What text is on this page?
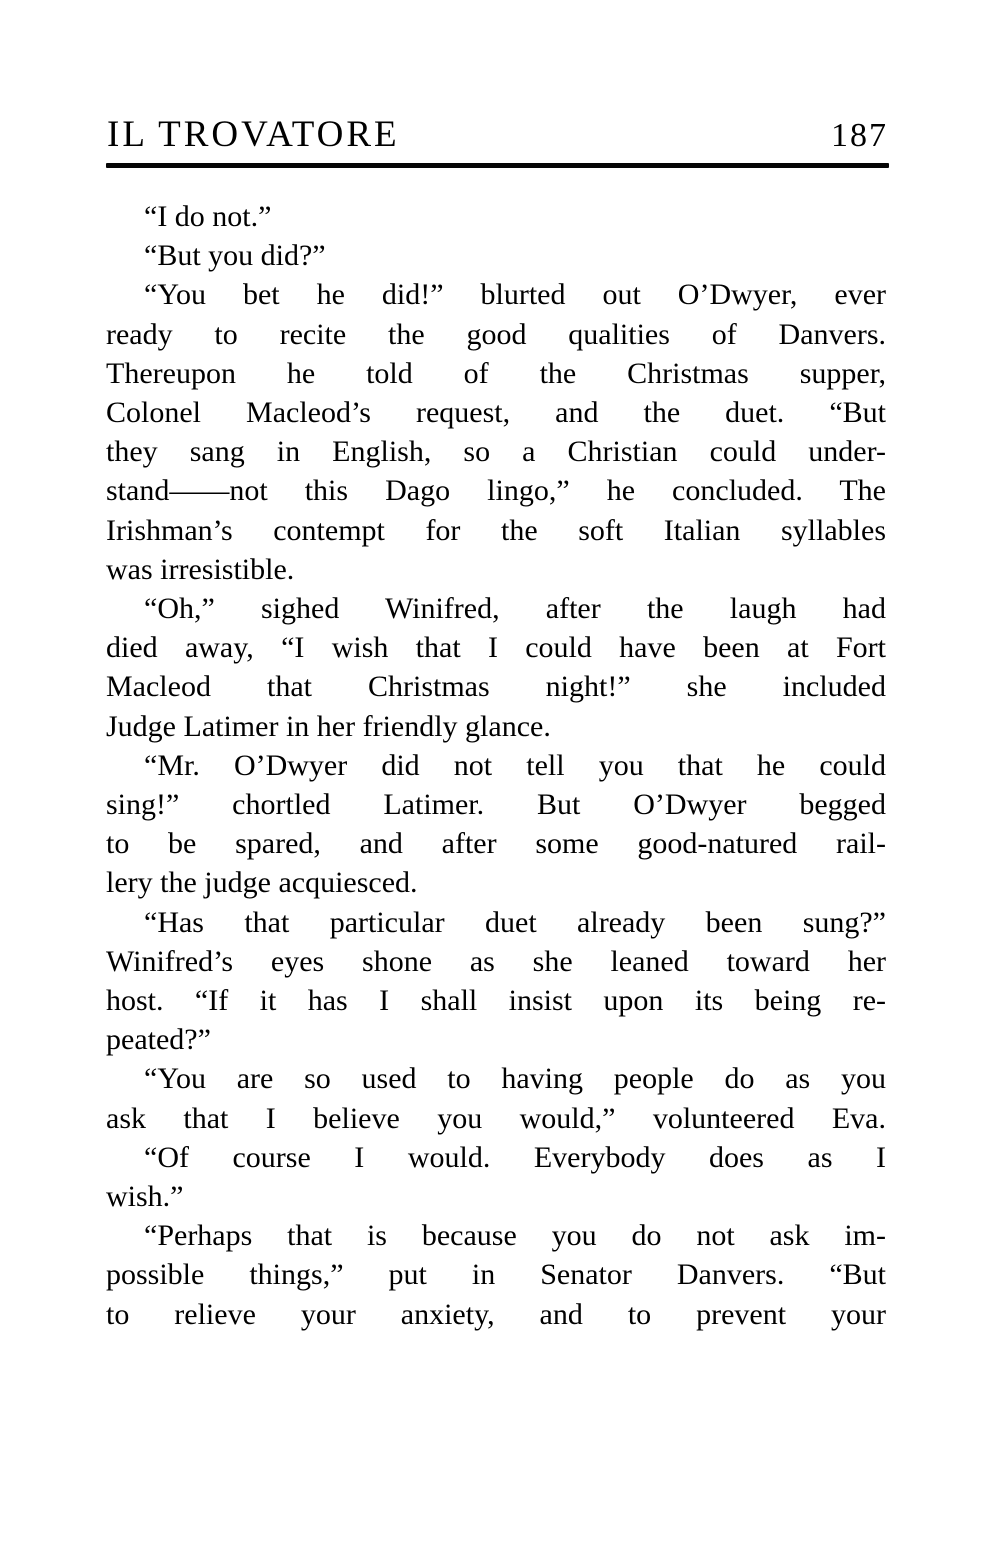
IL TROVATORE	187
“I do not.”
“But you did?”
“You bet he did!” blurted out O’Dwyer, ever
ready to recite the good qualities of Danvers.
Thereupon he told of the Christmas supper,
Colonel Macleod’s request, and the duet. “But
they sang in English, so a Christian could under-
stand——not this Dago lingo,” he concluded. The
Irishman’s contempt for the soft Italian syllables
was irresistible.
“Oh,” sighed Winifred, after the laugh had
died away, “I wish that I could have been at Fort
Macleod that Christmas night!” she included
Judge Latimer in her friendly glance.
“Mr. O’Dwyer did not tell you that he could
sing!” chortled Latimer. But O’Dwyer begged
to be spared, and after some good-natured rail-
lery the judge acquiesced.
“Has that particular duet already been sung?”
Winifred’s eyes shone as she leaned toward her
host. “If it has I shall insist upon its being re-
peated?”
“You are so used to having people do as you
ask that I believe you would,” volunteered Eva.
“Of course I would. Everybody does as I
wish.”
“Perhaps that is because you do not ask im-
possible things,” put in Senator Danvers. “But
to relieve your anxiety, and to prevent your
